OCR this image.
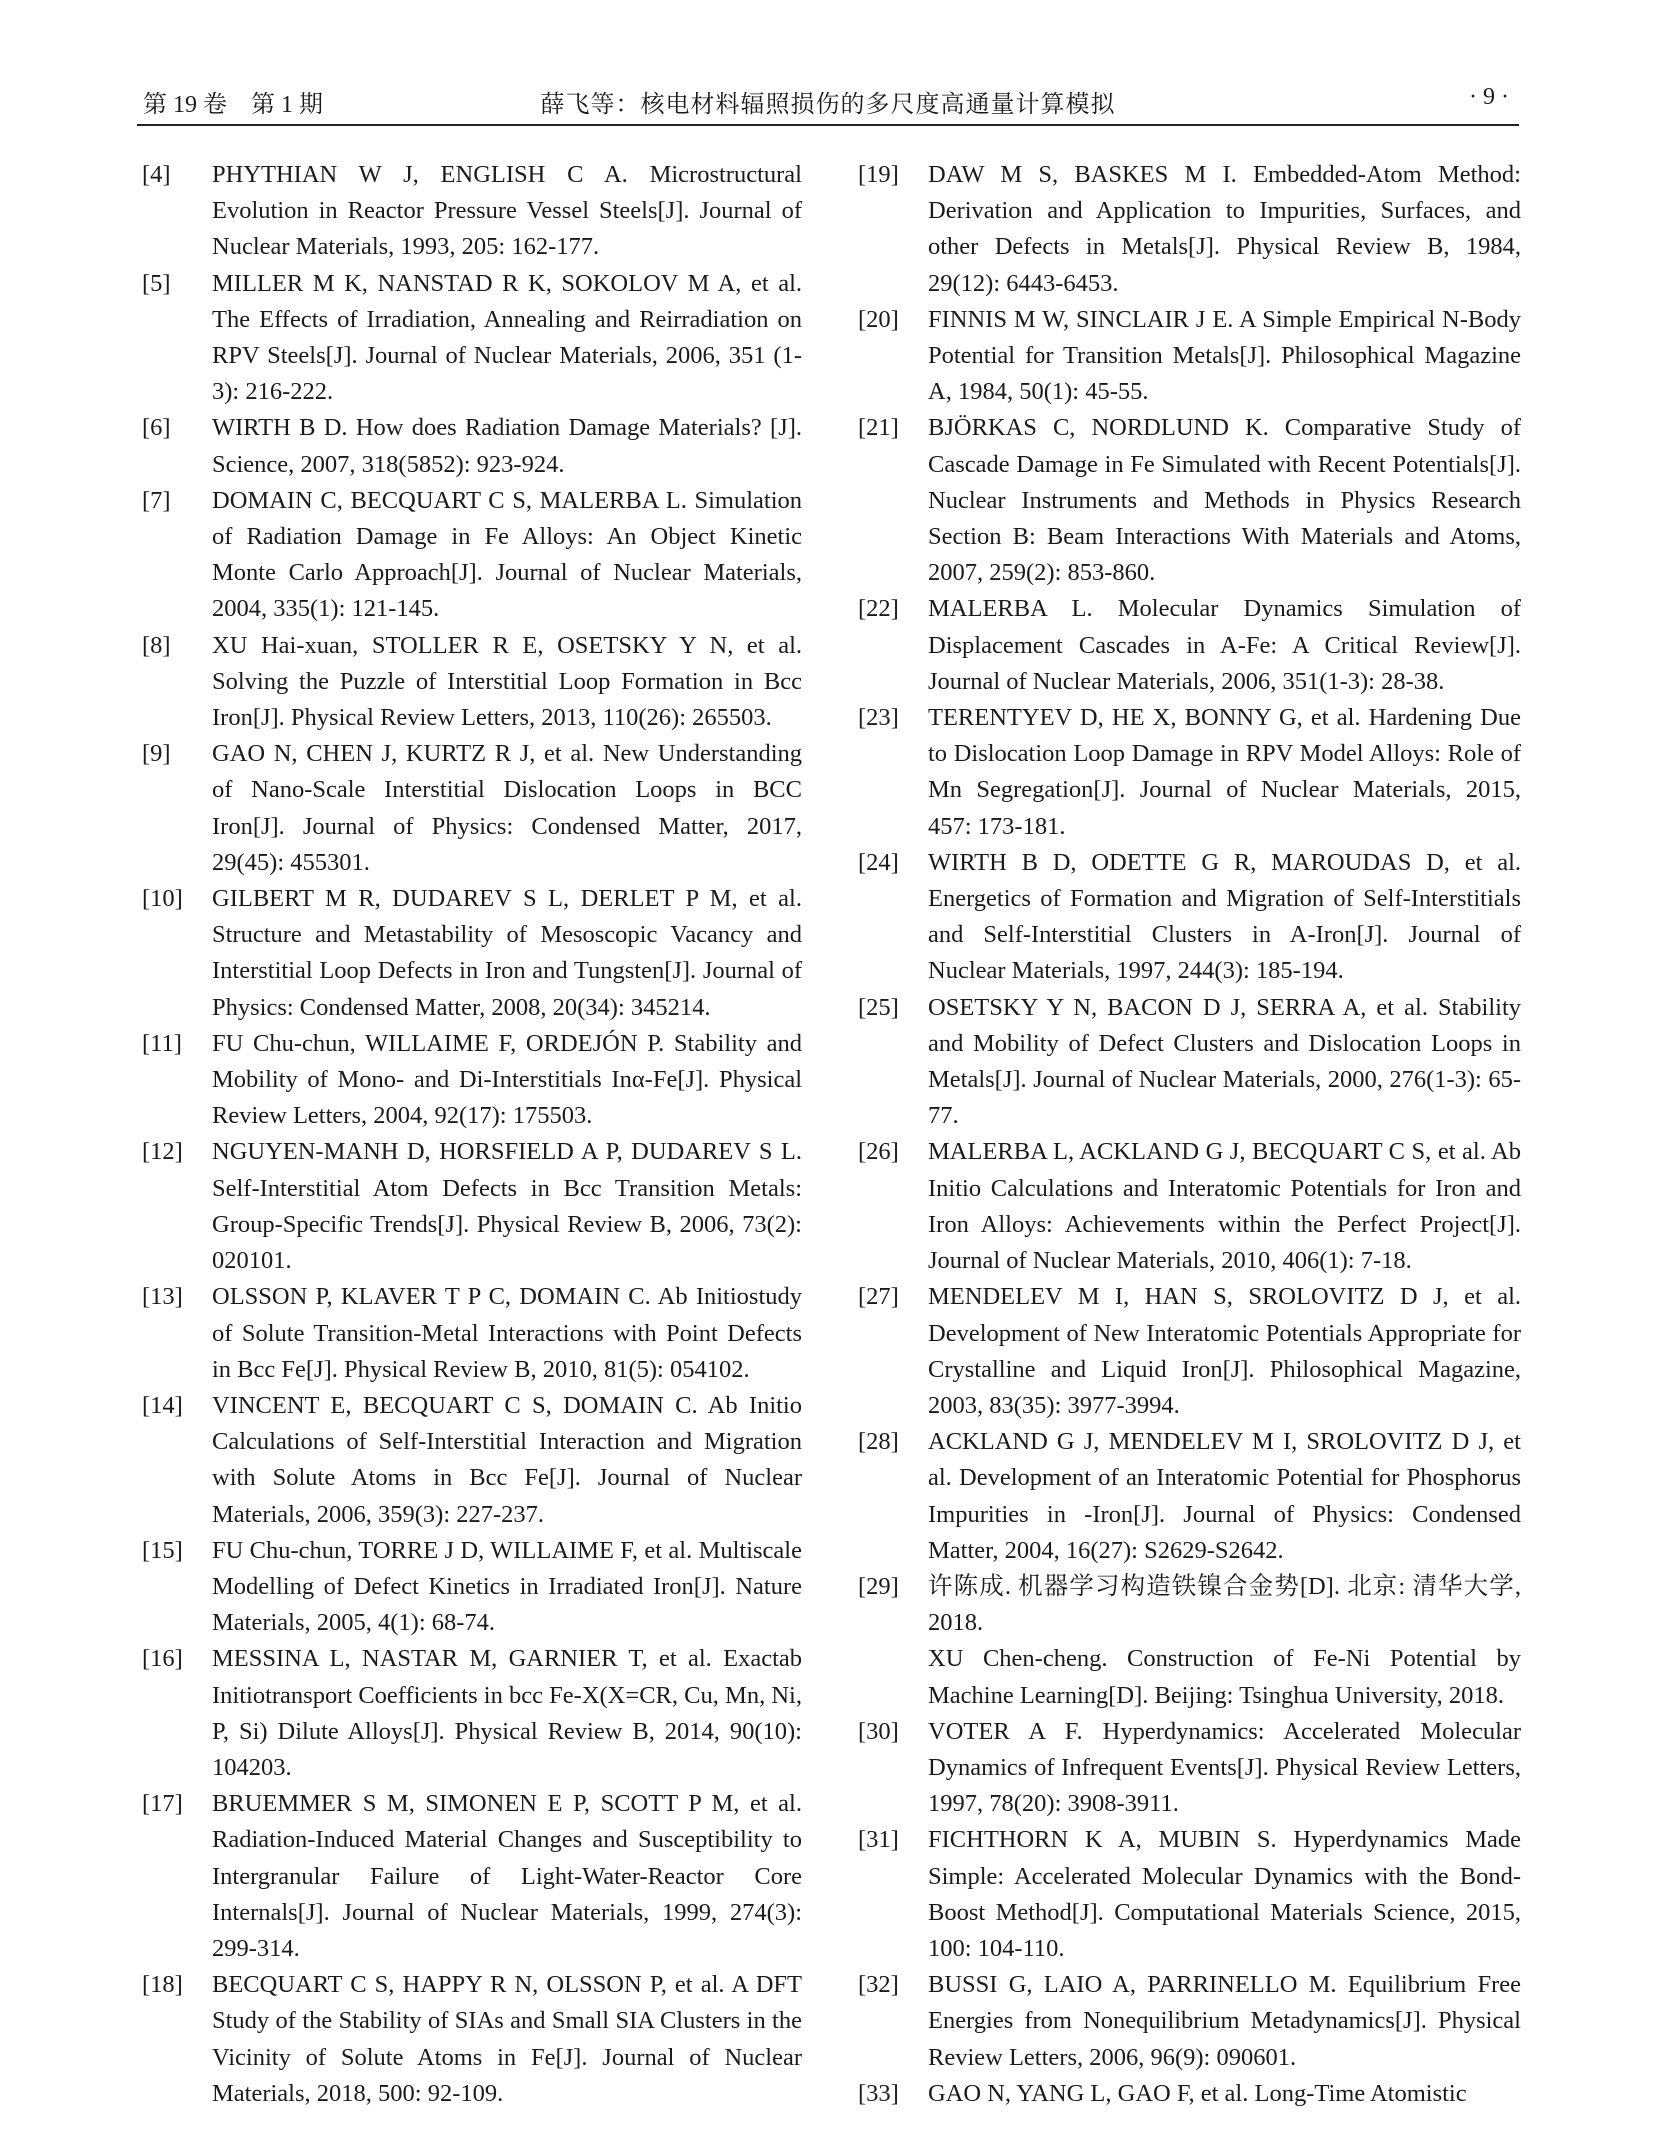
第 19 卷　第 1 期	薛飞等：核电材料辐照损伤的多尺度高通量计算模拟	· 9 ·
[4]	PHYTHIAN W J, ENGLISH C A. Microstructural Evolution in Reactor Pressure Vessel Steels[J]. Journal of Nuclear Materials, 1993, 205: 162-177.
[5]	MILLER M K, NANSTAD R K, SOKOLOV M A, et al. The Effects of Irradiation, Annealing and Reirradiation on RPV Steels[J]. Journal of Nuclear Materials, 2006, 351 (1-3): 216-222.
[6]	WIRTH B D. How does Radiation Damage Materials? [J]. Science, 2007, 318(5852): 923-924.
[7]	DOMAIN C, BECQUART C S, MALERBA L. Simulation of Radiation Damage in Fe Alloys: An Object Kinetic Monte Carlo Approach[J]. Journal of Nuclear Materials, 2004, 335(1): 121-145.
[8]	XU Hai-xuan, STOLLER R E, OSETSKY Y N, et al. Solving the Puzzle of Interstitial Loop Formation in Bcc Iron[J]. Physical Review Letters, 2013, 110(26): 265503.
[9]	GAO N, CHEN J, KURTZ R J, et al. New Understanding of Nano-Scale Interstitial Dislocation Loops in BCC Iron[J]. Journal of Physics: Condensed Matter, 2017, 29(45): 455301.
[10]	GILBERT M R, DUDAREV S L, DERLET P M, et al. Structure and Metastability of Mesoscopic Vacancy and Interstitial Loop Defects in Iron and Tungsten[J]. Journal of Physics: Condensed Matter, 2008, 20(34): 345214.
[11]	FU Chu-chun, WILLAIME F, ORDEJÓN P. Stability and Mobility of Mono- and Di-Interstitials Inα-Fe[J]. Physical Review Letters, 2004, 92(17): 175503.
[12]	NGUYEN-MANH D, HORSFIELD A P, DUDAREV S L. Self-Interstitial Atom Defects in Bcc Transition Metals: Group-Specific Trends[J]. Physical Review B, 2006, 73(2): 020101.
[13]	OLSSON P, KLAVER T P C, DOMAIN C. Ab Initiostudy of Solute Transition-Metal Interactions with Point Defects in Bcc Fe[J]. Physical Review B, 2010, 81(5): 054102.
[14]	VINCENT E, BECQUART C S, DOMAIN C. Ab Initio Calculations of Self-Interstitial Interaction and Migration with Solute Atoms in Bcc Fe[J]. Journal of Nuclear Materials, 2006, 359(3): 227-237.
[15]	FU Chu-chun, TORRE J D, WILLAIME F, et al. Multiscale Modelling of Defect Kinetics in Irradiated Iron[J]. Nature Materials, 2005, 4(1): 68-74.
[16]	MESSINA L, NASTAR M, GARNIER T, et al. Exactab Initiotransport Coefficients in bcc Fe-X(X=CR, Cu, Mn, Ni, P, Si) Dilute Alloys[J]. Physical Review B, 2014, 90(10): 104203.
[17]	BRUEMMER S M, SIMONEN E P, SCOTT P M, et al. Radiation-Induced Material Changes and Susceptibility to Intergranular Failure of Light-Water-Reactor Core Internals[J]. Journal of Nuclear Materials, 1999, 274(3): 299-314.
[18]	BECQUART C S, HAPPY R N, OLSSON P, et al. A DFT Study of the Stability of SIAs and Small SIA Clusters in the Vicinity of Solute Atoms in Fe[J]. Journal of Nuclear Materials, 2018, 500: 92-109.
[19]	DAW M S, BASKES M I. Embedded-Atom Method: Derivation and Application to Impurities, Surfaces, and other Defects in Metals[J]. Physical Review B, 1984, 29(12): 6443-6453.
[20]	FINNIS M W, SINCLAIR J E. A Simple Empirical N-Body Potential for Transition Metals[J]. Philosophical Magazine A, 1984, 50(1): 45-55.
[21]	BJÖRKAS C, NORDLUND K. Comparative Study of Cascade Damage in Fe Simulated with Recent Potentials[J]. Nuclear Instruments and Methods in Physics Research Section B: Beam Interactions With Materials and Atoms, 2007, 259(2): 853-860.
[22]	MALERBA L. Molecular Dynamics Simulation of Displacement Cascades in A-Fe: A Critical Review[J]. Journal of Nuclear Materials, 2006, 351(1-3): 28-38.
[23]	TERENTYEV D, HE X, BONNY G, et al. Hardening Due to Dislocation Loop Damage in RPV Model Alloys: Role of Mn Segregation[J]. Journal of Nuclear Materials, 2015, 457: 173-181.
[24]	WIRTH B D, ODETTE G R, MAROUDAS D, et al. Energetics of Formation and Migration of Self-Interstitials and Self-Interstitial Clusters in A-Iron[J]. Journal of Nuclear Materials, 1997, 244(3): 185-194.
[25]	OSETSKY Y N, BACON D J, SERRA A, et al. Stability and Mobility of Defect Clusters and Dislocation Loops in Metals[J]. Journal of Nuclear Materials, 2000, 276(1-3): 65-77.
[26]	MALERBA L, ACKLAND G J, BECQUART C S, et al. Ab Initio Calculations and Interatomic Potentials for Iron and Iron Alloys: Achievements within the Perfect Project[J]. Journal of Nuclear Materials, 2010, 406(1): 7-18.
[27]	MENDELEV M I, HAN S, SROLOVITZ D J, et al. Development of New Interatomic Potentials Appropriate for Crystalline and Liquid Iron[J]. Philosophical Magazine, 2003, 83(35): 3977-3994.
[28]	ACKLAND G J, MENDELEV M I, SROLOVITZ D J, et al. Development of an Interatomic Potential for Phosphorus Impurities in -Iron[J]. Journal of Physics: Condensed Matter, 2004, 16(27): S2629-S2642.
[29]	许陈成. 机器学习构造铁镍合金势[D]. 北京: 清华大学, 2018.
XU Chen-cheng. Construction of Fe-Ni Potential by Machine Learning[D]. Beijing: Tsinghua University, 2018.
[30]	VOTER A F. Hyperdynamics: Accelerated Molecular Dynamics of Infrequent Events[J]. Physical Review Letters, 1997, 78(20): 3908-3911.
[31]	FICHTHORN K A, MUBIN S. Hyperdynamics Made Simple: Accelerated Molecular Dynamics with the Bond-Boost Method[J]. Computational Materials Science, 2015, 100: 104-110.
[32]	BUSSI G, LAIO A, PARRINELLO M. Equilibrium Free Energies from Nonequilibrium Metadynamics[J]. Physical Review Letters, 2006, 96(9): 090601.
[33]	GAO N, YANG L, GAO F, et al. Long-Time Atomistic
